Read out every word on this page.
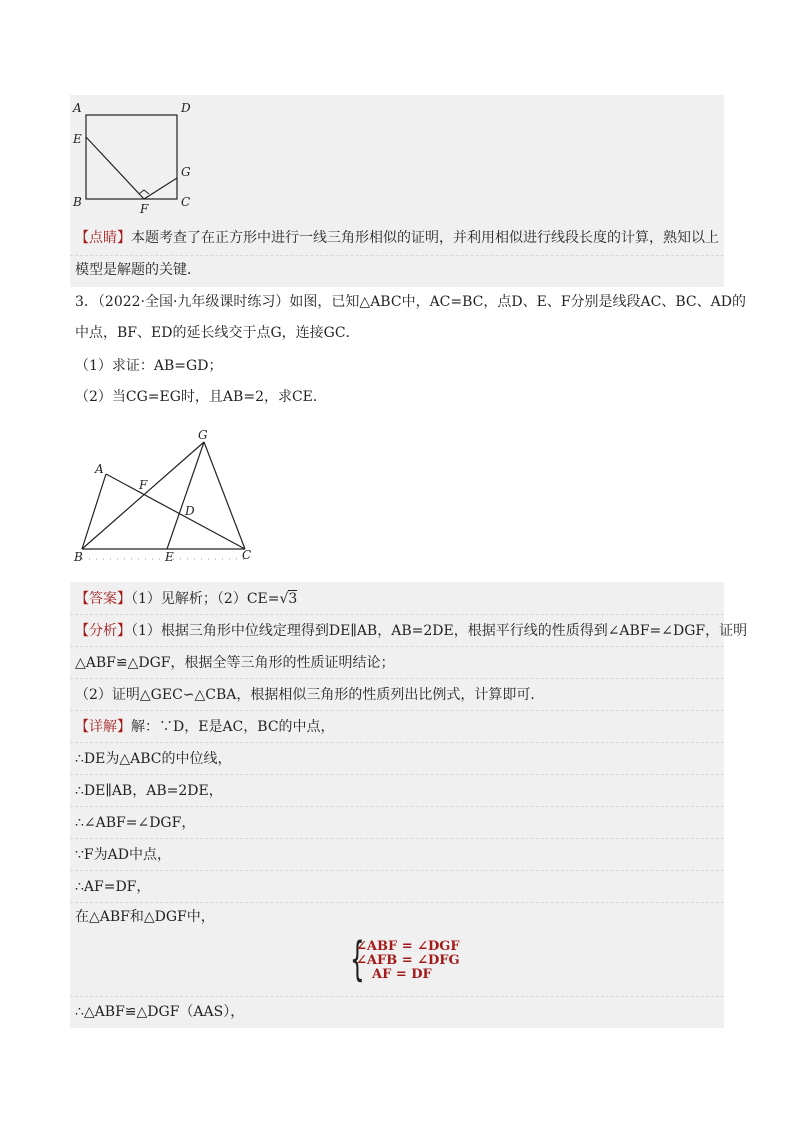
A	D
E
G
B	F	C
【点睛】本题考查了在正方形中进行一线三角形相似的证明，并利用相似进行线段长度的计算，熟知以上
模型是解题的关键．
3．（2022·全国·九年级课时练习）如图，已知△ABC中，AC=BC，点D、E、F分别是线段AC、BC、AD的
中点，BF、ED的延长线交于点G，连接GC．
（1）求证：AB=GD；
（2）当CG=EG时，且AB=2，求CE．
G
A
F
D
B	E	C
【答案】（1）见解析；（2）CE=√3
【分析】（1）根据三角形中位线定理得到DE∥AB，AB=2DE，根据平行线的性质得到∠ABF=∠DGF，证明
△ABF≌△DGF，根据全等三角形的性质证明结论；
（2）证明△GEC∽△CBA，根据相似三角形的性质列出比例式，计算即可．
【详解】解：∵D，E是AC，BC的中点，
∴DE为△ABC的中位线，
∴DE∥AB，AB=2DE，
∴∠ABF=∠DGF，
∵F为AD中点，
∴AF=DF，
在△ABF和△DGF中，
{
∠ABF = ∠DGF
∠AFB = ∠DFG
AF = DF
∴△ABF≌△DGF（AAS），
